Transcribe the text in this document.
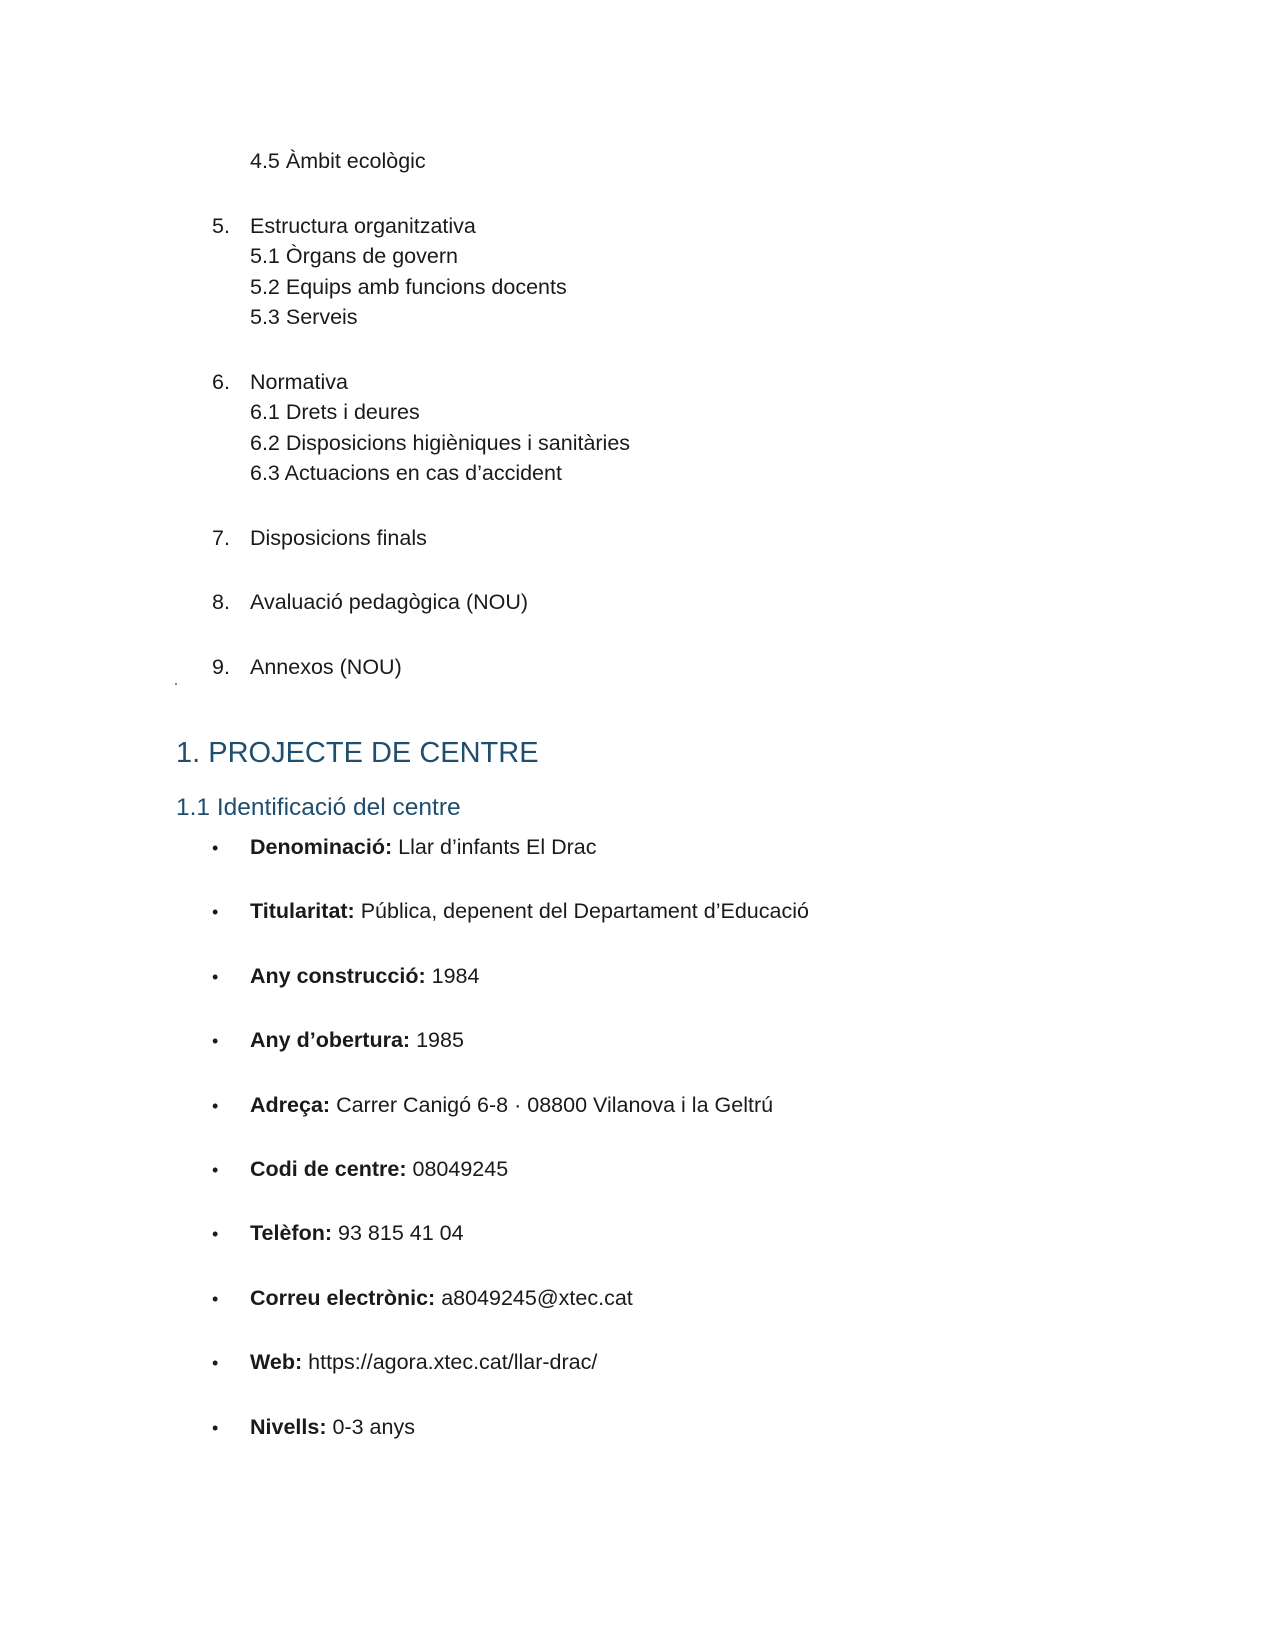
4.5 Àmbit ecològic
5. Estructura organitzativa
5.1 Òrgans de govern
5.2 Equips amb funcions docents
5.3 Serveis
6. Normativa
6.1 Drets i deures
6.2 Disposicions higièniques i sanitàries
6.3 Actuacions en cas d’accident
7. Disposicions finals
8. Avaluació pedagògica (NOU)
9. Annexos (NOU)
1. PROJECTE DE CENTRE
1.1 Identificació del centre
•	Denominació: Llar d’infants El Drac
•	Titularitat: Pública, depenent del Departament d’Educació
•	Any construcció: 1984
•	Any d’obertura: 1985
•	Adreça: Carrer Canigó 6-8 · 08800 Vilanova i la Geltrú
•	Codi de centre: 08049245
•	Telèfon: 93 815 41 04
•	Correu electrònic: a8049245@xtec.cat
•	Web: https://agora.xtec.cat/llar-drac/
•	Nivells: 0-3 anys
